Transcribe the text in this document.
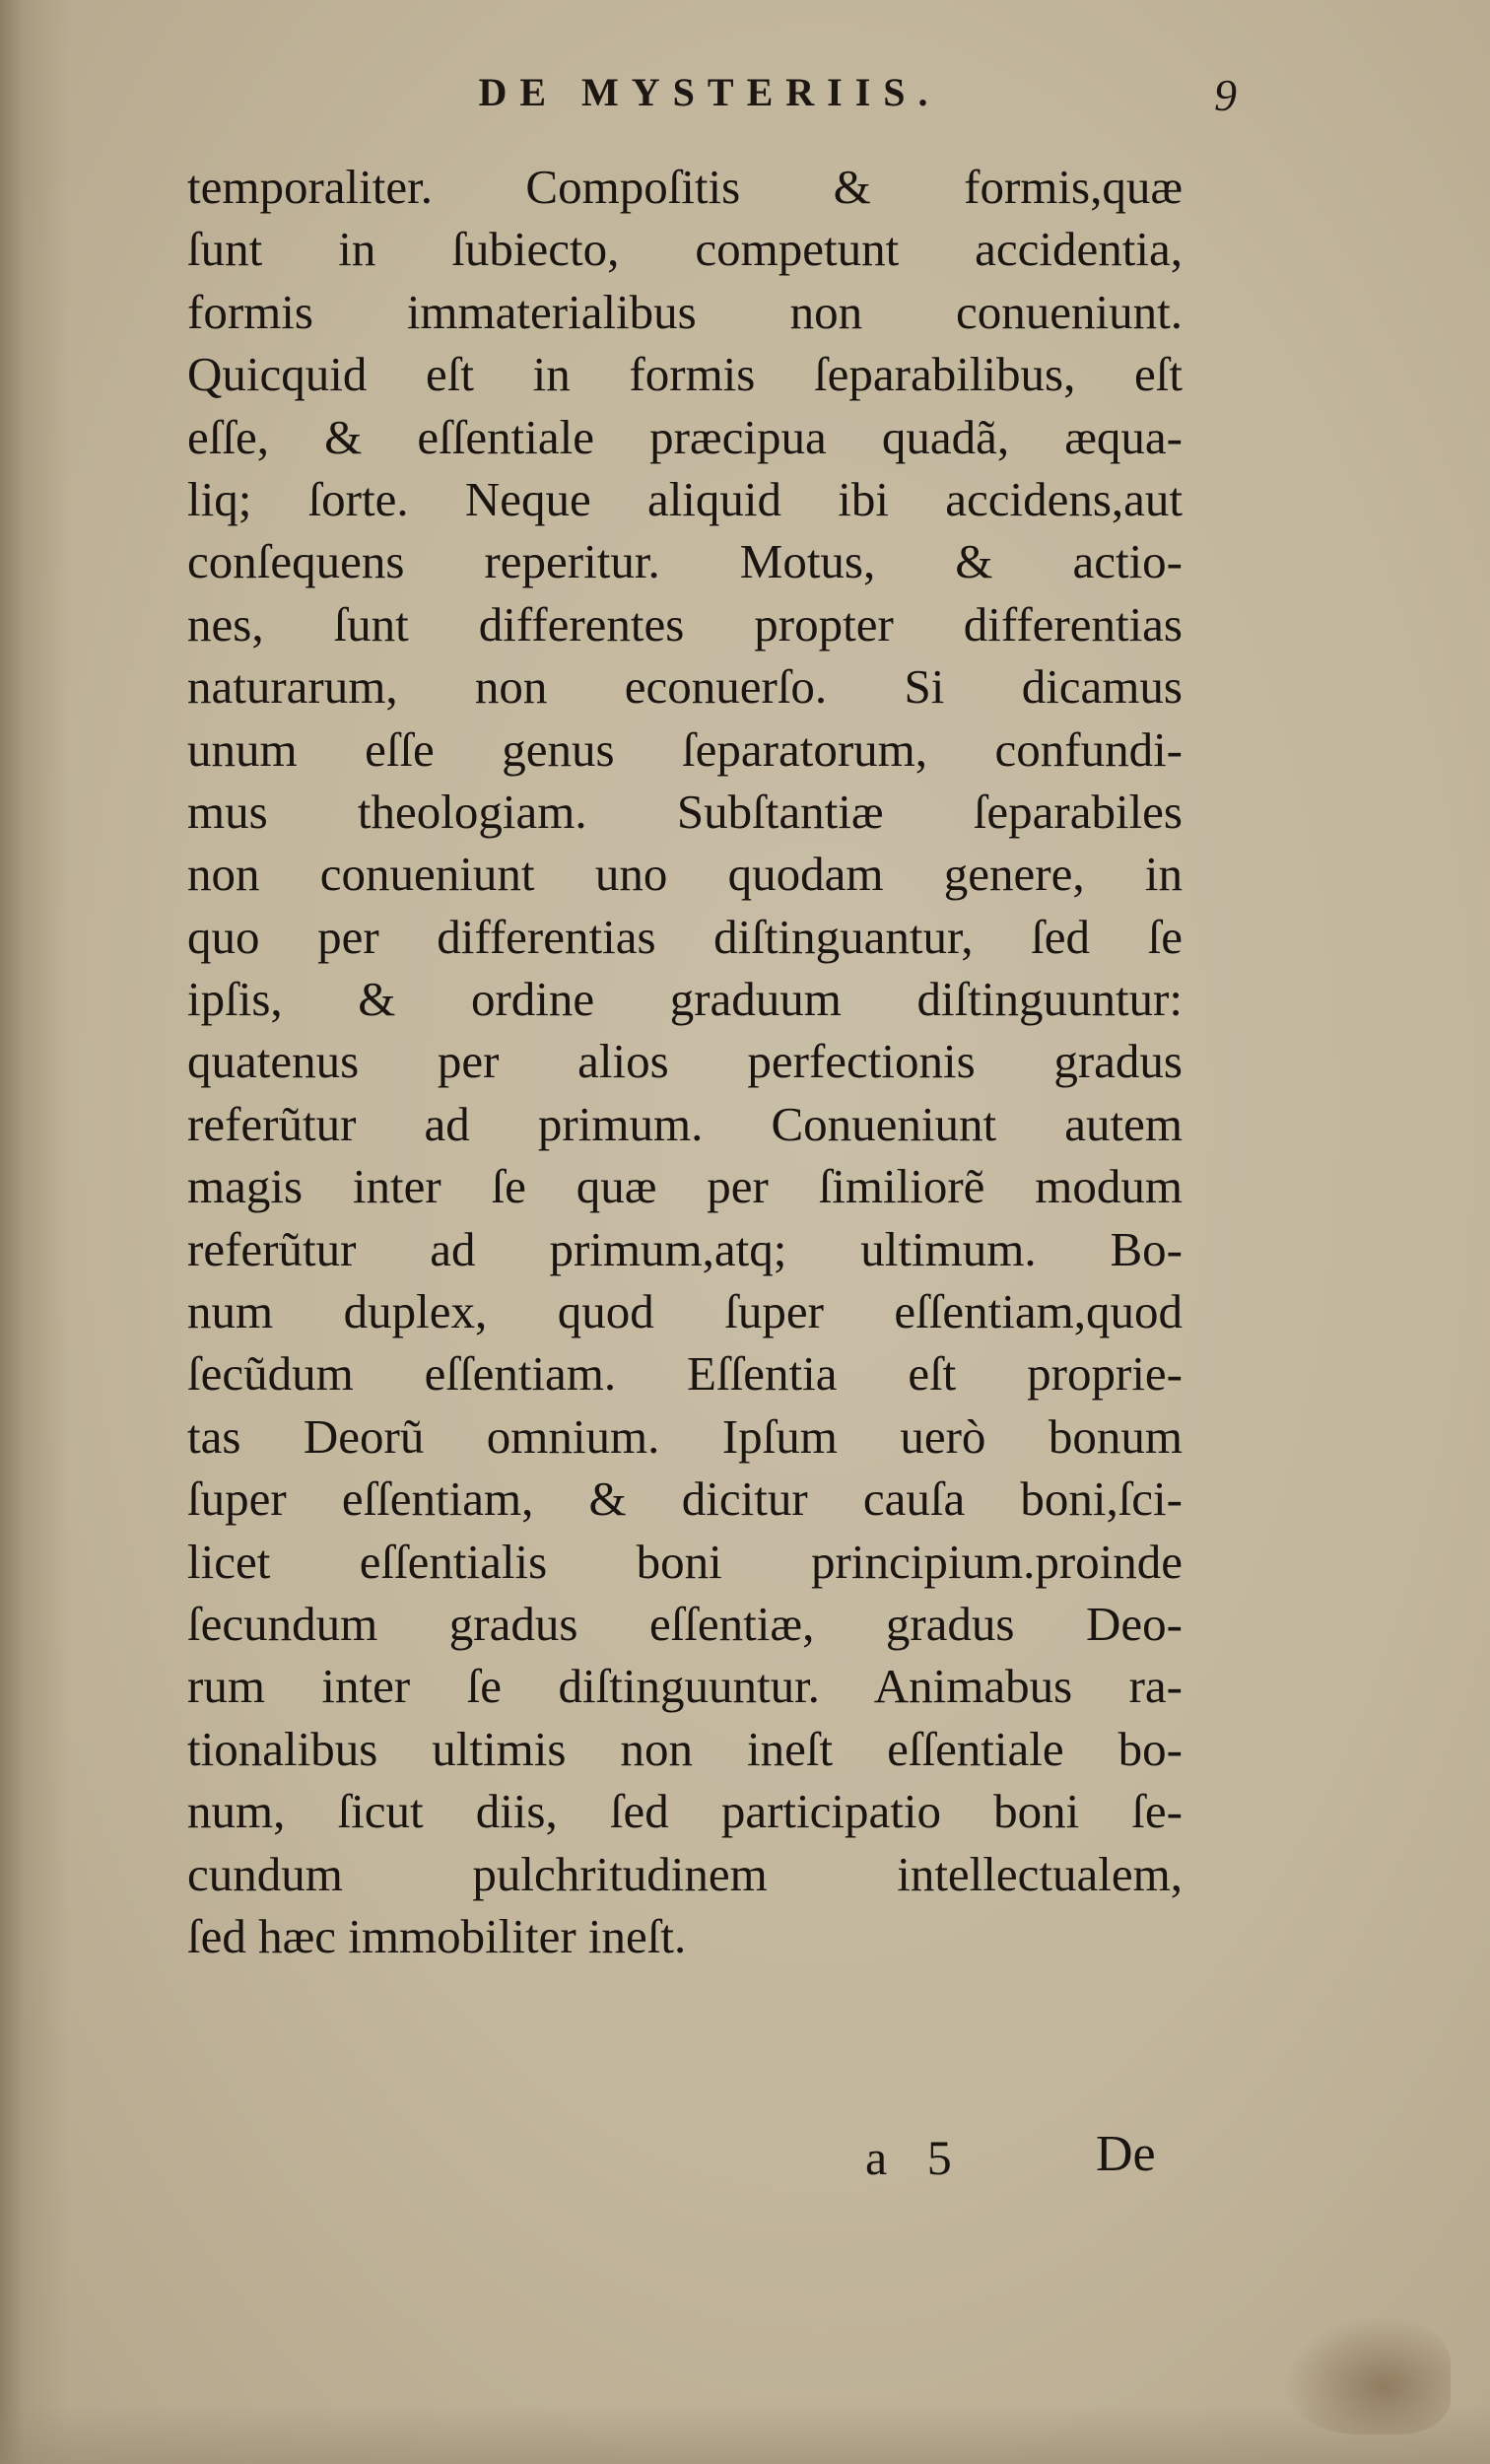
DE MYSTERIIS.	9
temporaliter. Compoſitis & formis,quæ
ſunt in ſubiecto, competunt accidentia,
formis immaterialibus non conueniunt.
Quicquid eſt in formis ſeparabilibus, eſt
eſſe, & eſſentiale præcipua quadã, æqua-
liq; ſorte. Neque aliquid ibi accidens,aut
conſequens reperitur. Motus, & actio-
nes, ſunt differentes propter differentias
naturarum, non econuerſo. Si dicamus
unum eſſe genus ſeparatorum, confundi-
mus theologiam. Subſtantiæ ſeparabiles
non conueniunt uno quodam genere, in
quo per differentias diſtinguantur, ſed ſe
ipſis, & ordine graduum diſtinguuntur:
quatenus per alios perfectionis gradus
referũtur ad primum. Conueniunt autem
magis inter ſe quæ per ſimiliorẽ modum
referũtur ad primum,atq; ultimum. Bo-
num duplex, quod ſuper eſſentiam,quod
ſecũdum eſſentiam. Eſſentia eſt proprie-
tas Deorũ omnium. Ipſum uerò bonum
ſuper eſſentiam, & dicitur cauſa boni,ſci-
licet eſſentialis boni principium.proinde
ſecundum gradus eſſentiæ, gradus Deo-
rum inter ſe diſtinguuntur. Animabus ra-
tionalibus ultimis non ineſt eſſentiale bo-
num, ſicut diis, ſed participatio boni ſe-
cundum pulchritudinem intellectualem,
ſed hæc immobiliter ineſt.
a 5	De
